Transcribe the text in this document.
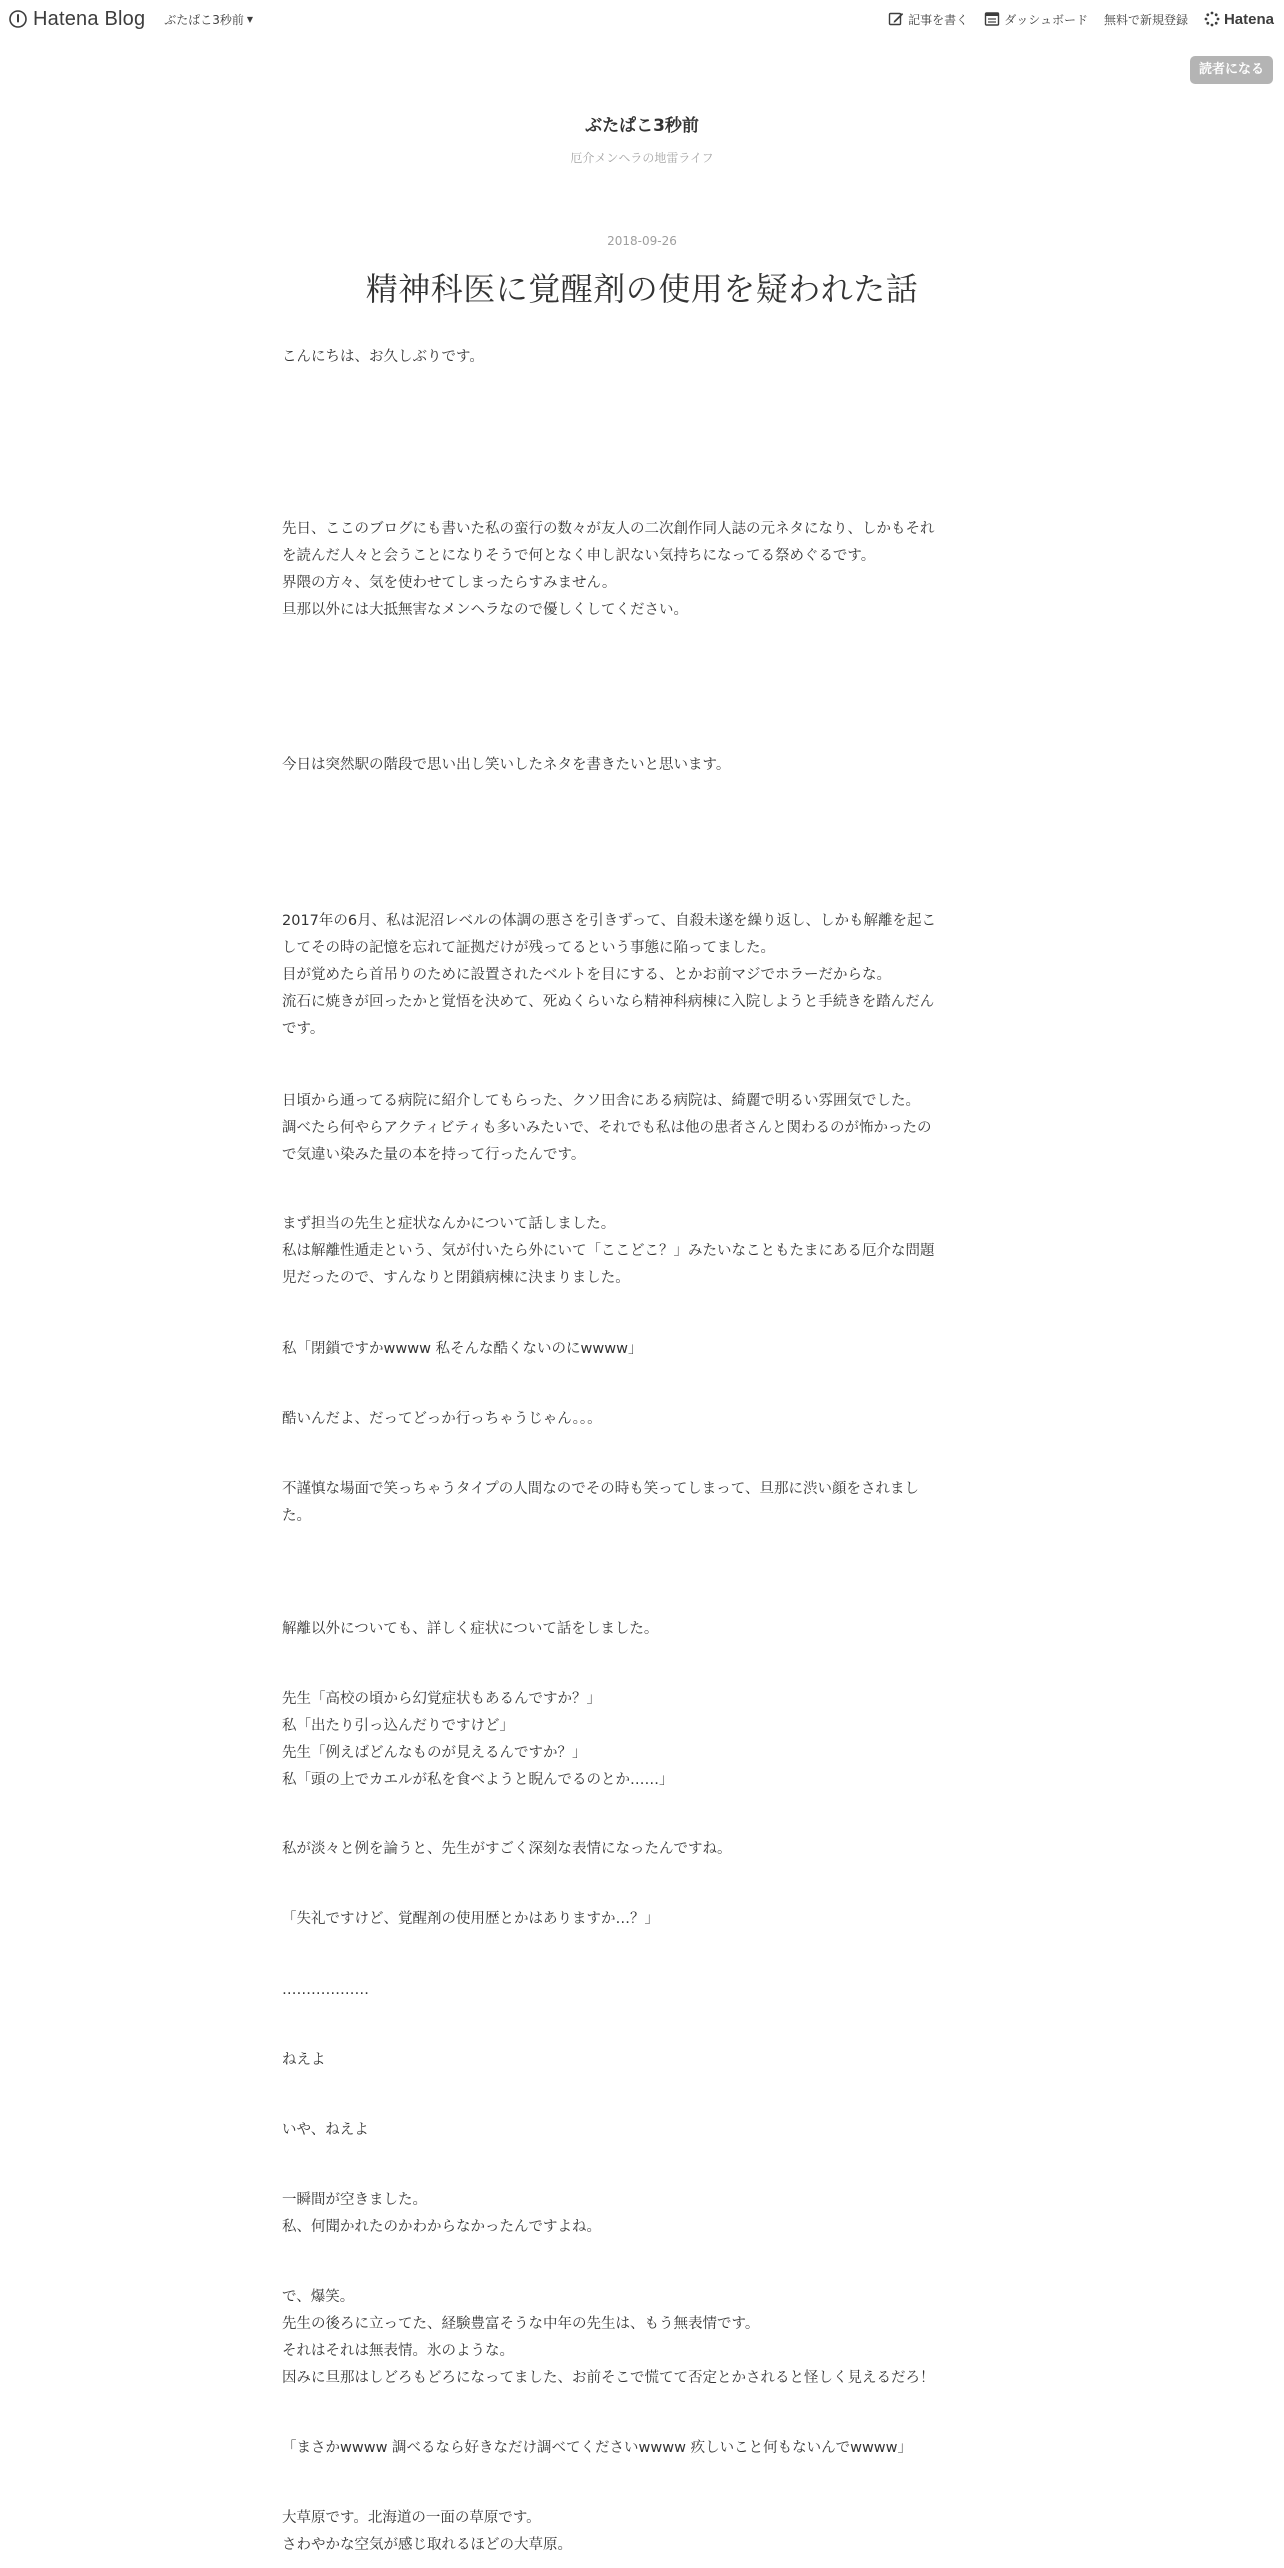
Hatena Blog ぶたぱこ3秒前 ▼	記事を書く	ダッシュボード 無料で新規登録 Hatena
読者になる
ぶたぱこ3秒前
厄介メンヘラの地雷ライフ
2018-09-26
精神科医に覚醒剤の使用を疑われた話
こんにちは、お久しぶりです。
先日、ここのブログにも書いた私の蛮行の数々が友人の二次創作同人誌の元ネタになり、しかもそれ
を読んだ人々と会うことになりそうで何となく申し訳ない気持ちになってる祭めぐるです。
界隈の方々、気を使わせてしまったらすみません。
旦那以外には大抵無害なメンヘラなので優しくしてください。
今日は突然駅の階段で思い出し笑いしたネタを書きたいと思います。
2017年の6月、私は泥沼レベルの体調の悪さを引きずって、自殺未遂を繰り返し、しかも解離を起こ
してその時の記憶を忘れて証拠だけが残ってるという事態に陥ってました。
目が覚めたら首吊りのために設置されたベルトを目にする、とかお前マジでホラーだからな。
流石に焼きが回ったかと覚悟を決めて、死ぬくらいなら精神科病棟に入院しようと手続きを踏んだん
です。
日頃から通ってる病院に紹介してもらった、クソ田舎にある病院は、綺麗で明るい雰囲気でした。
調べたら何やらアクティビティも多いみたいで、それでも私は他の患者さんと関わるのが怖かったの
で気違い染みた量の本を持って行ったんです。
まず担当の先生と症状なんかについて話しました。
私は解離性遁走という、気が付いたら外にいて「ここどこ？」みたいなこともたまにある厄介な問題
児だったので、すんなりと閉鎖病棟に決まりました。
私「閉鎖ですかwwww 私そんな酷くないのにwwww」
酷いんだよ、だってどっか行っちゃうじゃん。。。
不謹慎な場面で笑っちゃうタイプの人間なのでその時も笑ってしまって、旦那に渋い顔をされまし
た。
解離以外についても、詳しく症状について話をしました。
先生「高校の頃から幻覚症状もあるんですか？」
私「出たり引っ込んだりですけど」
先生「例えばどんなものが見えるんですか？」
私「頭の上でカエルが私を食べようと睨んでるのとか……」
私が淡々と例を論うと、先生がすごく深刻な表情になったんですね。
「失礼ですけど、覚醒剤の使用歴とかはありますか…？」
………………
ねえよ
いや、ねえよ
一瞬間が空きました。
私、何聞かれたのかわからなかったんですよね。
で、爆笑。
先生の後ろに立ってた、経験豊富そうな中年の先生は、もう無表情です。
それはそれは無表情。氷のような。
因みに旦那はしどろもどろになってました、お前そこで慌てて否定とかされると怪しく見えるだろ！
「まさかwwww 調べるなら好きなだけ調べてくださいwwww 疚しいこと何もないんでwwww」
大草原です。北海道の一面の草原です。
さわやかな空気が感じ取れるほどの大草原。
